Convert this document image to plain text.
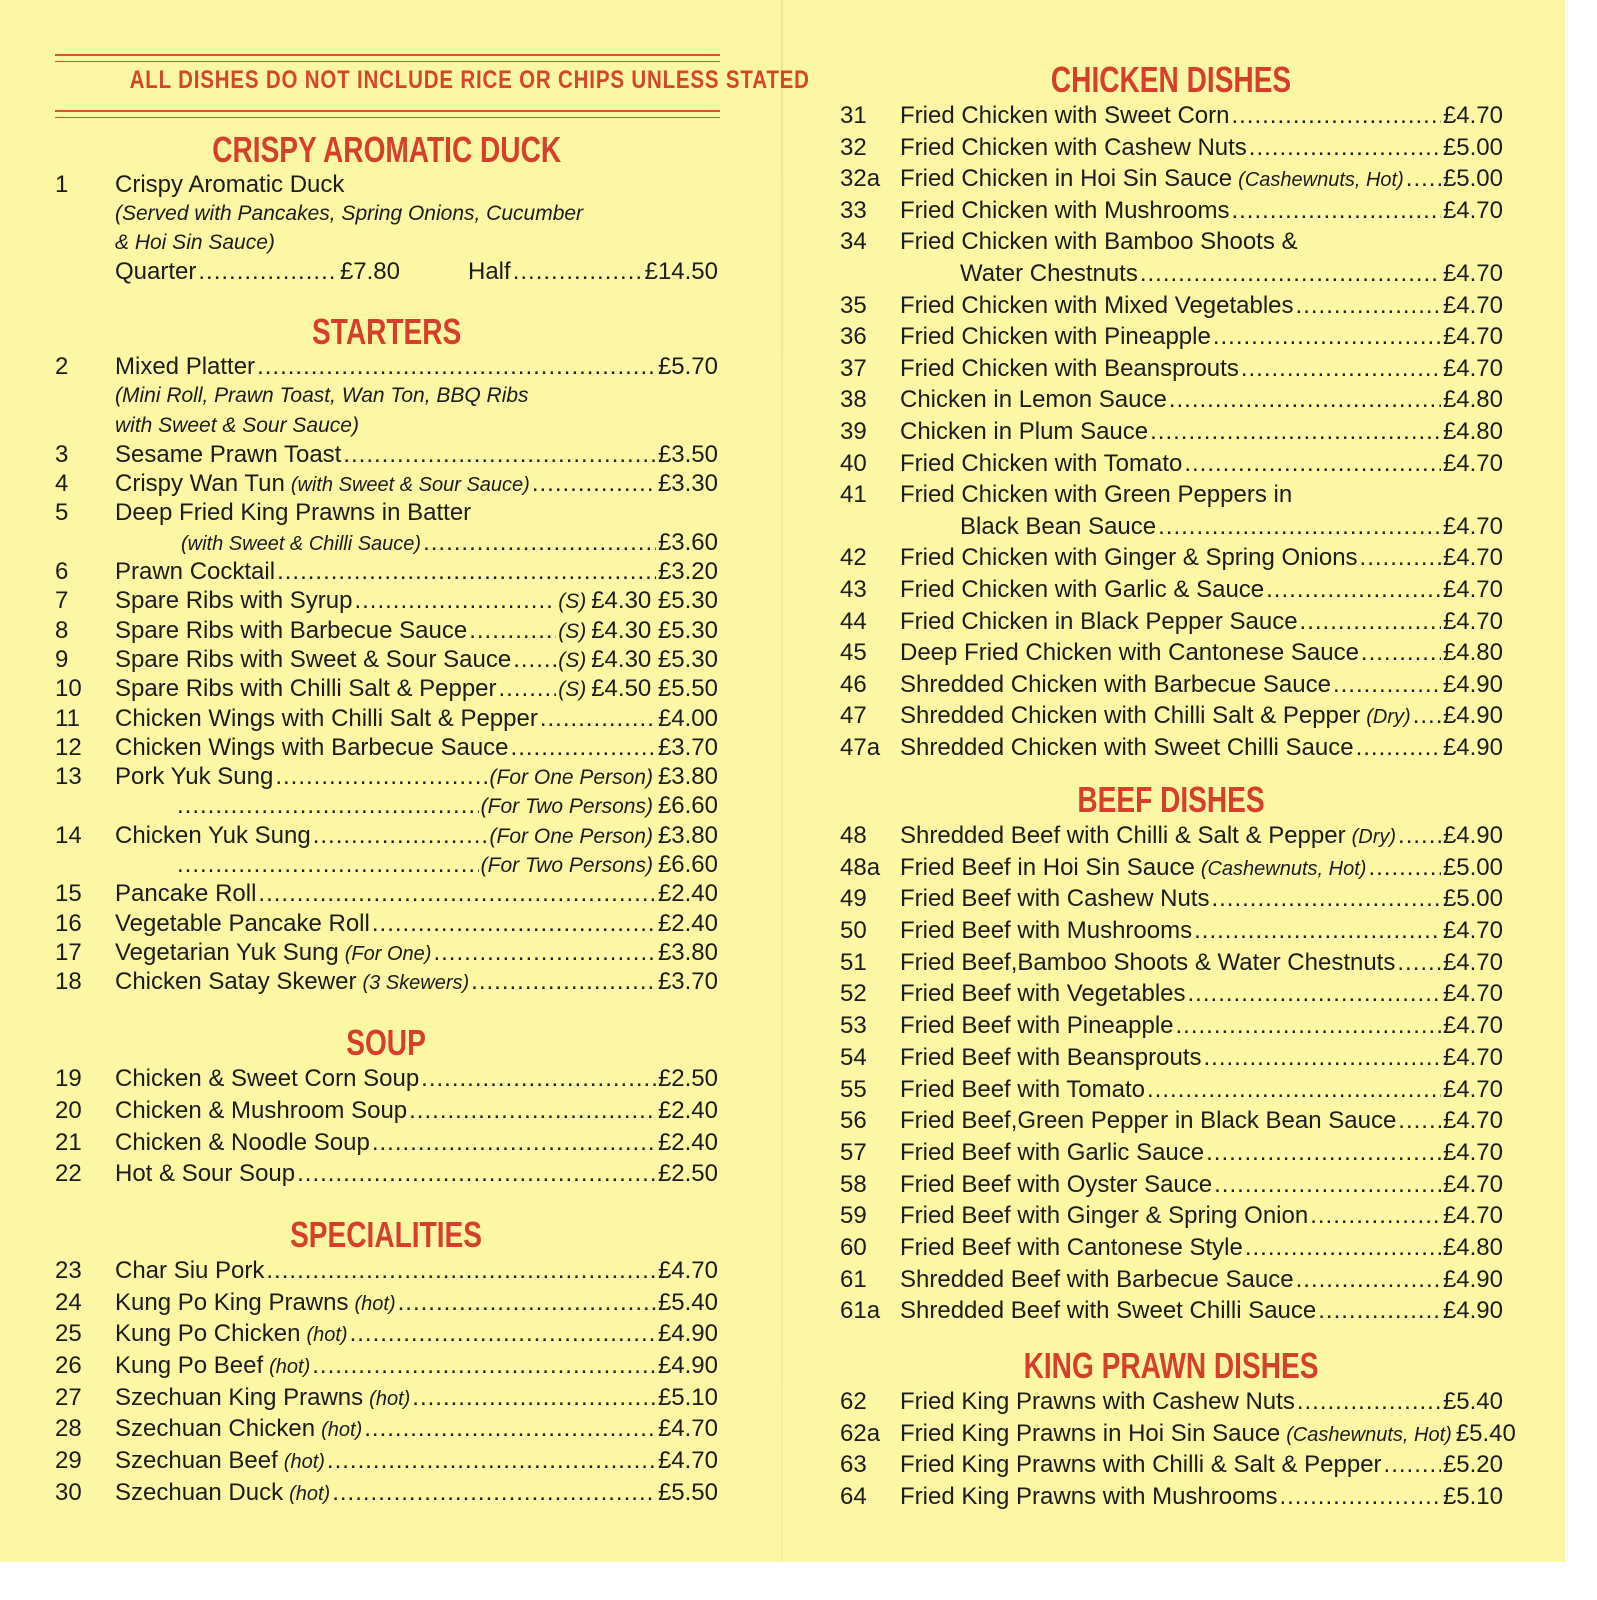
ALL DISHES DO NOT INCLUDE RICE OR CHIPS UNLESS STATED
CRISPY AROMATIC DUCK
1	Crispy Aromatic Duck
(Served with Pancakes, Spring Onions, Cucumber
& Hoi Sin Sauce)
Quarter .....	£7.80	Half .....	£14.50
STARTERS
2	Mixed Platter .....	£5.70
(Mini Roll, Prawn Toast, Wan Ton, BBQ Ribs
with Sweet & Sour Sauce)
3	Sesame Prawn Toast .....	£3.50
4	Crispy Wan Tun (with Sweet & Sour Sauce) .....	£3.30
5	Deep Fried King Prawns in Batter
(with Sweet & Chilli Sauce) .....	£3.60
6	Prawn Cocktail .....	£3.20
7	Spare Ribs with Syrup .....	(S) £4.30 £5.30
8	Spare Ribs with Barbecue Sauce .....	(S) £4.30 £5.30
9	Spare Ribs with Sweet & Sour Sauce ..... (S) £4.30 £5.30
10	Spare Ribs with Chilli Salt & Pepper .....	(S) £4.50 £5.50
11	Chicken Wings with Chilli Salt & Pepper .....	£4.00
12	Chicken Wings with Barbecue Sauce .....	£3.70
13	Pork Yuk Sung .....	(For One Person) £3.80
.....
(For Two Persons) £6.60
14	Chicken Yuk Sung .....	(For One Person) £3.80
.....
(For Two Persons) £6.60
15	Pancake Roll .....	£2.40
16	Vegetable Pancake Roll .....	£2.40
17	Vegetarian Yuk Sung (For One) .....	£3.80
18	Chicken Satay Skewer (3 Skewers) .....	£3.70
SOUP
19	Chicken & Sweet Corn Soup .....	£2.50
20	Chicken & Mushroom Soup .....	£2.40
21	Chicken & Noodle Soup .....	£2.40
22	Hot & Sour Soup .....	£2.50
SPECIALITIES
23	Char Siu Pork .....	£4.70
24	Kung Po King Prawns (hot) .....	£5.40
25	Kung Po Chicken (hot) .....	£4.90
26	Kung Po Beef (hot) .....	£4.90
27	Szechuan King Prawns (hot) .....	£5.10
28	Szechuan Chicken (hot) .....	£4.70
29	Szechuan Beef (hot) .....	£4.70
30	Szechuan Duck (hot) .....	£5.50
CHICKEN DISHES
31	Fried Chicken with Sweet Corn .....	£4.70
32	Fried Chicken with Cashew Nuts .....	£5.00
32a Fried Chicken in Hoi Sin Sauce (Cashewnuts, Hot) ..... £5.00
33	Fried Chicken with Mushrooms .....	£4.70
34	Fried Chicken with Bamboo Shoots &
Water Chestnuts .....	£4.70
35	Fried Chicken with Mixed Vegetables .....	£4.70
36	Fried Chicken with Pineapple .....	£4.70
37	Fried Chicken with Beansprouts .....	£4.70
38	Chicken in Lemon Sauce .....	£4.80
39	Chicken in Plum Sauce .....	£4.80
40	Fried Chicken with Tomato .....	£4.70
41	Fried Chicken with Green Peppers in
Black Bean Sauce .....	£4.70
42	Fried Chicken with Ginger & Spring Onions .....	£4.70
43	Fried Chicken with Garlic & Sauce .....	£4.70
44	Fried Chicken in Black Pepper Sauce .....	£4.70
45	Deep Fried Chicken with Cantonese Sauce .....	£4.80
46	Shredded Chicken with Barbecue Sauce .....	£4.90
47	Shredded Chicken with Chilli Salt & Pepper (Dry) ..... £4.90
47a Shredded Chicken with Sweet Chilli Sauce .....	£4.90
BEEF DISHES
48	Shredded Beef with Chilli & Salt & Pepper (Dry) ..... £4.90
48a Fried Beef in Hoi Sin Sauce (Cashewnuts, Hot) .....	£5.00
49	Fried Beef with Cashew Nuts .....	£5.00
50	Fried Beef with Mushrooms .....	£4.70
51	Fried Beef,Bamboo Shoots & Water Chestnuts ..... £4.70
52	Fried Beef with Vegetables .....	£4.70
53	Fried Beef with Pineapple .....	£4.70
54	Fried Beef with Beansprouts .....	£4.70
55	Fried Beef with Tomato .....	£4.70
56	Fried Beef,Green Pepper in Black Bean Sauce ..... £4.70
57	Fried Beef with Garlic Sauce .....	£4.70
58	Fried Beef with Oyster Sauce .....	£4.70
59	Fried Beef with Ginger & Spring Onion .....	£4.70
60	Fried Beef with Cantonese Style .....	£4.80
61	Shredded Beef with Barbecue Sauce .....	£4.90
61a Shredded Beef with Sweet Chilli Sauce .....	£4.90
KING PRAWN DISHES
62	Fried King Prawns with Cashew Nuts .....	£5.40
62a Fried King Prawns in Hoi Sin Sauce (Cashewnuts, Hot) £5.40
63	Fried King Prawns with Chilli & Salt & Pepper .....	£5.20
64	Fried King Prawns with Mushrooms .....	£5.10
